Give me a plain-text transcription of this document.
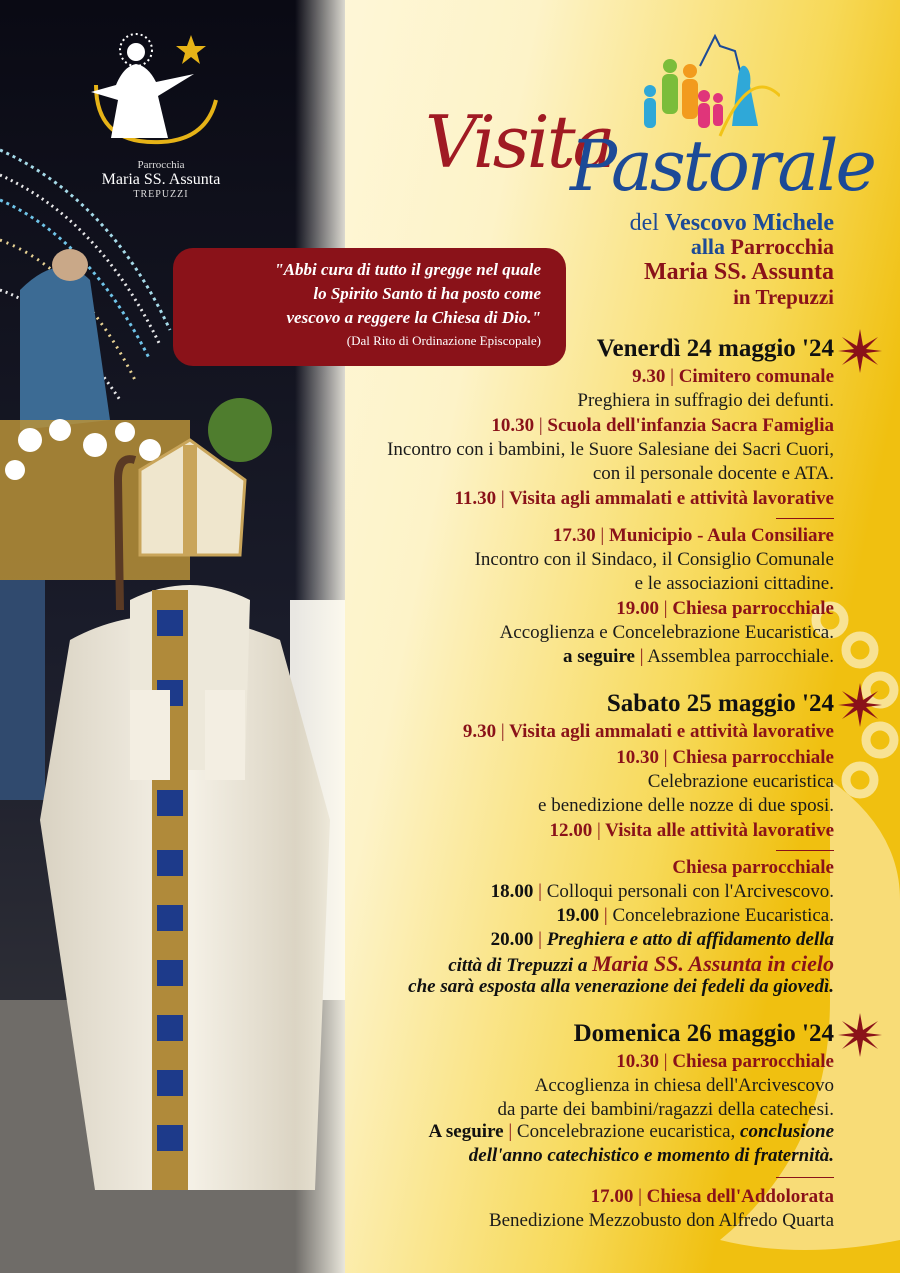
Parrocchia
Maria SS. Assunta
TREPUZZI
"Abbi cura di tutto il gregge nel quale
lo Spirito Santo ti ha posto come
vescovo a reggere la Chiesa di Dio."
(Dal Rito di Ordinazione Episcopale)
Visita
Pastorale
del Vescovo Michele
alla Parrocchia
Maria SS. Assunta
in Trepuzzi
Venerdì 24 maggio '24
9.30 | Cimitero comunale
Preghiera in suffragio dei defunti.
10.30 | Scuola dell'infanzia Sacra Famiglia
Incontro con i bambini, le Suore Salesiane dei Sacri Cuori,
con il personale docente e ATA.
11.30 | Visita agli ammalati e attività lavorative
17.30 | Municipio - Aula Consiliare
Incontro con il Sindaco, il Consiglio Comunale
e le associazioni cittadine.
19.00 | Chiesa parrocchiale
Accoglienza e Concelebrazione Eucaristica.
a seguire | Assemblea parrocchiale.
Sabato 25 maggio '24
9.30 | Visita agli ammalati e attività lavorative
10.30 | Chiesa parrocchiale
Celebrazione eucaristica
e benedizione delle nozze di due sposi.
12.00 | Visita alle attività lavorative
Chiesa parrocchiale
18.00 | Colloqui personali con l'Arcivescovo.
19.00 | Concelebrazione Eucaristica.
20.00 | Preghiera e atto di affidamento della
città di Trepuzzi a Maria SS. Assunta in cielo
che sarà esposta alla venerazione dei fedeli da giovedì.
Domenica 26 maggio '24
10.30 | Chiesa parrocchiale
Accoglienza in chiesa dell'Arcivescovo
da parte dei bambini/ragazzi della catechesi.
A seguire | Concelebrazione eucaristica, conclusione
dell'anno catechistico e momento di fraternità.
17.00 | Chiesa dell'Addolorata
Benedizione Mezzobusto don Alfredo Quarta
